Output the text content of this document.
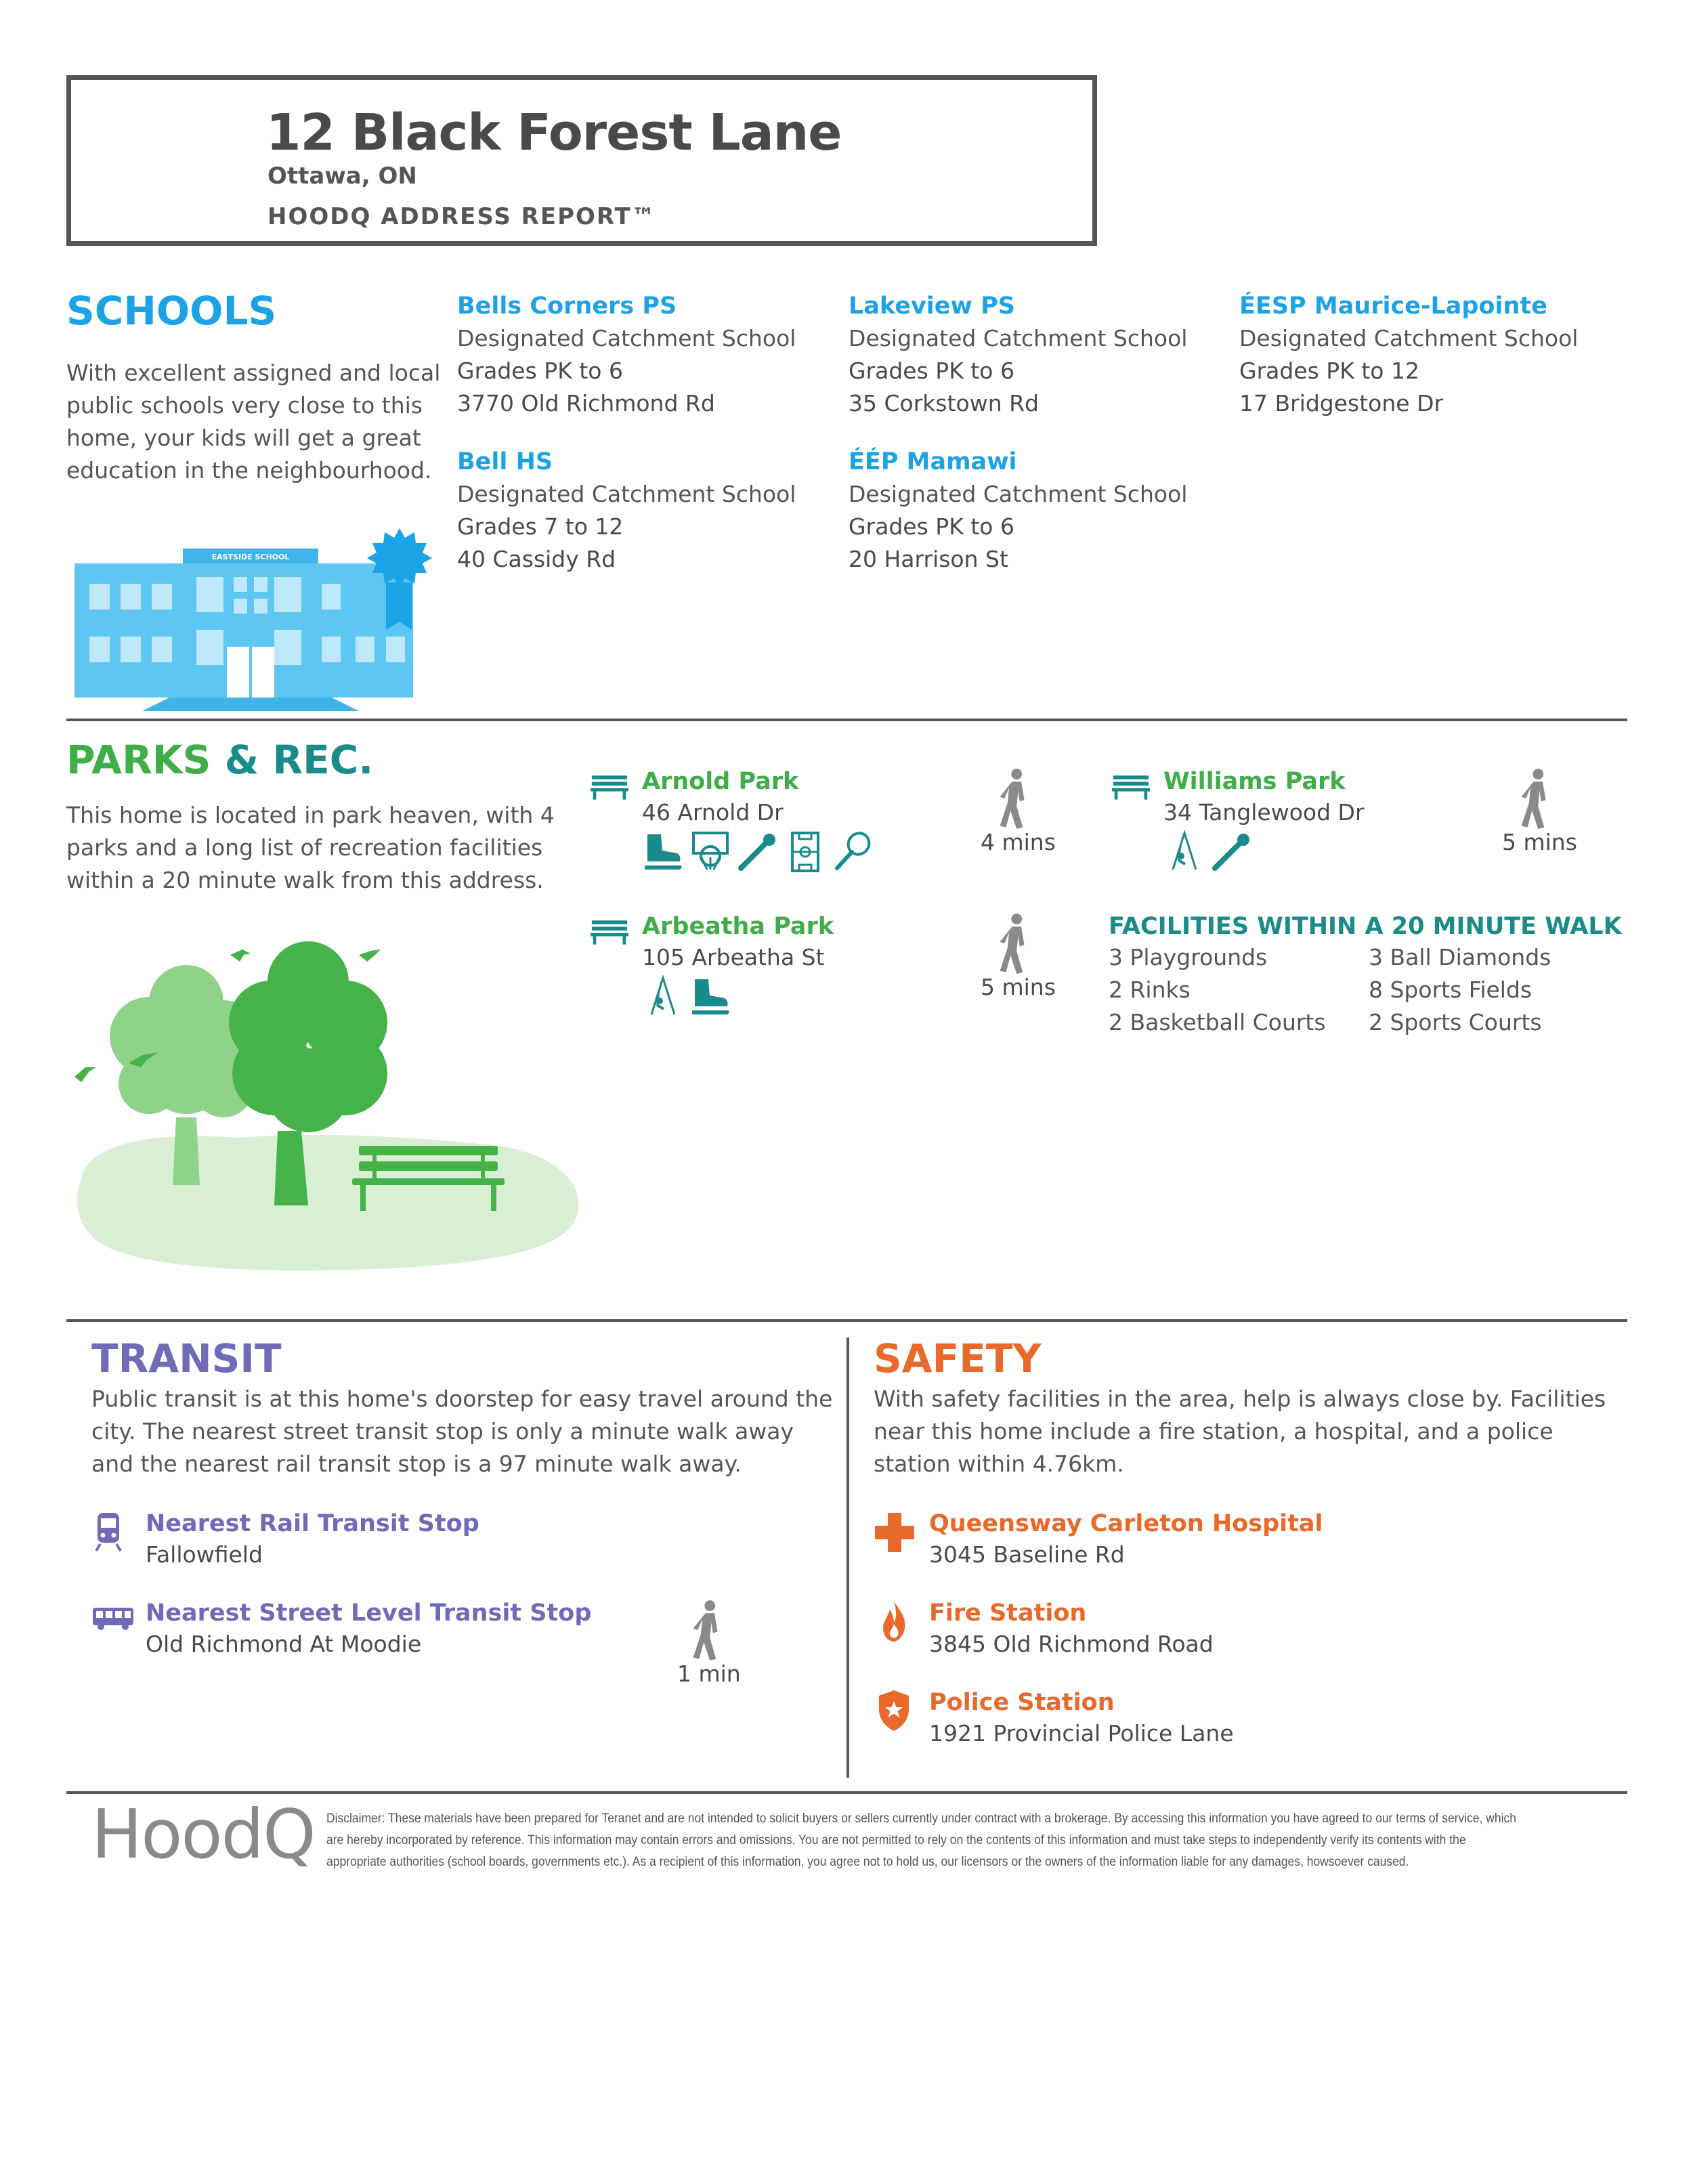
12 Black Forest Lane
Ottawa, ON
HOODQ ADDRESS REPORT™
SCHOOLS
With excellent assigned and local public schools very close to this home, your kids will get a great education in the neighbourhood.
EASTSIDE SCHOOL
Bells Corners PS
Designated Catchment School
Grades PK to 6
3770 Old Richmond Rd
Lakeview PS
Designated Catchment School
Grades PK to 6
35 Corkstown Rd
ÉESP Maurice-Lapointe
Designated Catchment School
Grades PK to 12
17 Bridgestone Dr
Bell HS
Designated Catchment School
Grades 7 to 12
40 Cassidy Rd
ÉÉP Mamawi
Designated Catchment School
Grades PK to 6
20 Harrison St
PARKS & REC.
This home is located in park heaven, with 4 parks and a long list of recreation facilities within a 20 minute walk from this address.
Arnold Park
46 Arnold Dr
4 mins
Williams Park
34 Tanglewood Dr
5 mins
Arbeatha Park
105 Arbeatha St
5 mins
FACILITIES WITHIN A 20 MINUTE WALK
3 Playgrounds	3 Ball Diamonds
2 Rinks	8 Sports Fields
2 Basketball Courts 2 Sports Courts
TRANSIT
Public transit is at this home's doorstep for easy travel around the city. The nearest street transit stop is only a minute walk away and the nearest rail transit stop is a 97 minute walk away.
Nearest Rail Transit Stop
Fallowfield
Nearest Street Level Transit Stop
Old Richmond At Moodie
1 min
SAFETY
With safety facilities in the area, help is always close by. Facilities near this home include a fire station, a hospital, and a police station within 4.76km.
Queensway Carleton Hospital
3045 Baseline Rd
Fire Station
3845 Old Richmond Road
Police Station
1921 Provincial Police Lane
HoodQ Disclaimer: These materials have been prepared for Teranet and are not intended to solicit buyers or sellers currently under contract with a brokerage. By accessing this information you have agreed to our terms of service, which are hereby incorporated by reference. This information may contain errors and omissions. You are not permitted to rely on the contents of this information and must take steps to independently verify its contents with the appropriate authorities (school boards, governments etc.). As a recipient of this information, you agree not to hold us, our licensors or the owners of the information liable for any damages, howsoever caused.
